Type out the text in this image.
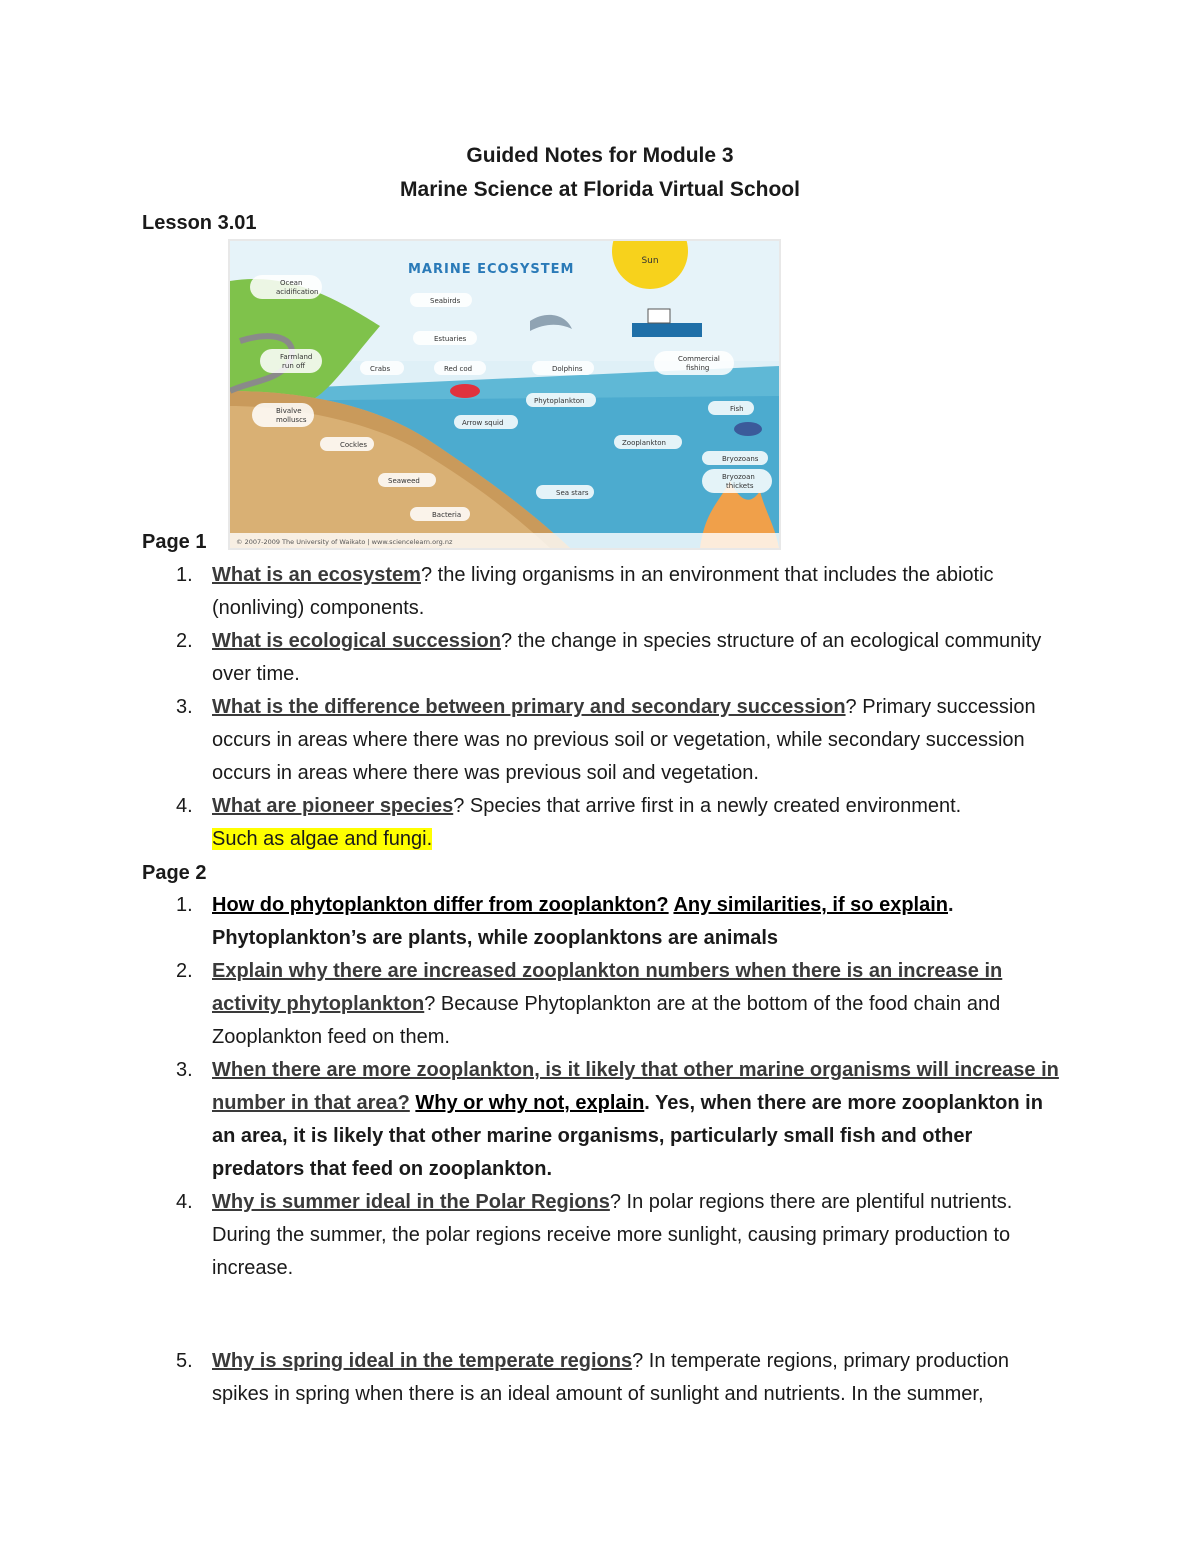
Guided Notes for Module 3
Marine Science at Florida Virtual School
Lesson 3.01
Sun
MARINE ECOSYSTEM
Ocean
acidification
Seabirds
Estuaries
Farmland
run off	Crabs	Red cod	Dolphins
Commercial
fishing
Phytoplankton
Bivalve
molluscs	Arrow squid
Fish
Cockles	Zooplankton
Bryozoans
Bryozoan
thickets
Seaweed
Sea stars
Bacteria
© 2007-2009 The University of Waikato | www.sciencelearn.org.nz
Page 1
1. What is an ecosystem? the living organisms in an environment that includes the abiotic (nonliving) components.
2. What is ecological succession? the change in species structure of an ecological community over time.
3. What is the difference between primary and secondary succession? Primary succession occurs in areas where there was no previous soil or vegetation, while secondary succession occurs in areas where there was previous soil and vegetation.
4. What are pioneer species? Species that arrive first in a newly created environment.
Such as algae and fungi.
Page 2
1. How do phytoplankton differ from zooplankton? Any similarities, if so explain. Phytoplankton’s are plants, while zooplanktons are animals
2. Explain why there are increased zooplankton numbers when there is an increase in activity phytoplankton? Because Phytoplankton are at the bottom of the food chain and Zooplankton feed on them.
3. When there are more zooplankton, is it likely that other marine organisms will increase in number in that area? Why or why not, explain. Yes, when there are more zooplankton in an area, it is likely that other marine organisms, particularly small fish and other predators that feed on zooplankton.
4. Why is summer ideal in the Polar Regions? In polar regions there are plentiful nutrients. During the summer, the polar regions receive more sunlight, causing primary production to increase.
5. Why is spring ideal in the temperate regions? In temperate regions, primary production spikes in spring when there is an ideal amount of sunlight and nutrients. In the summer,
